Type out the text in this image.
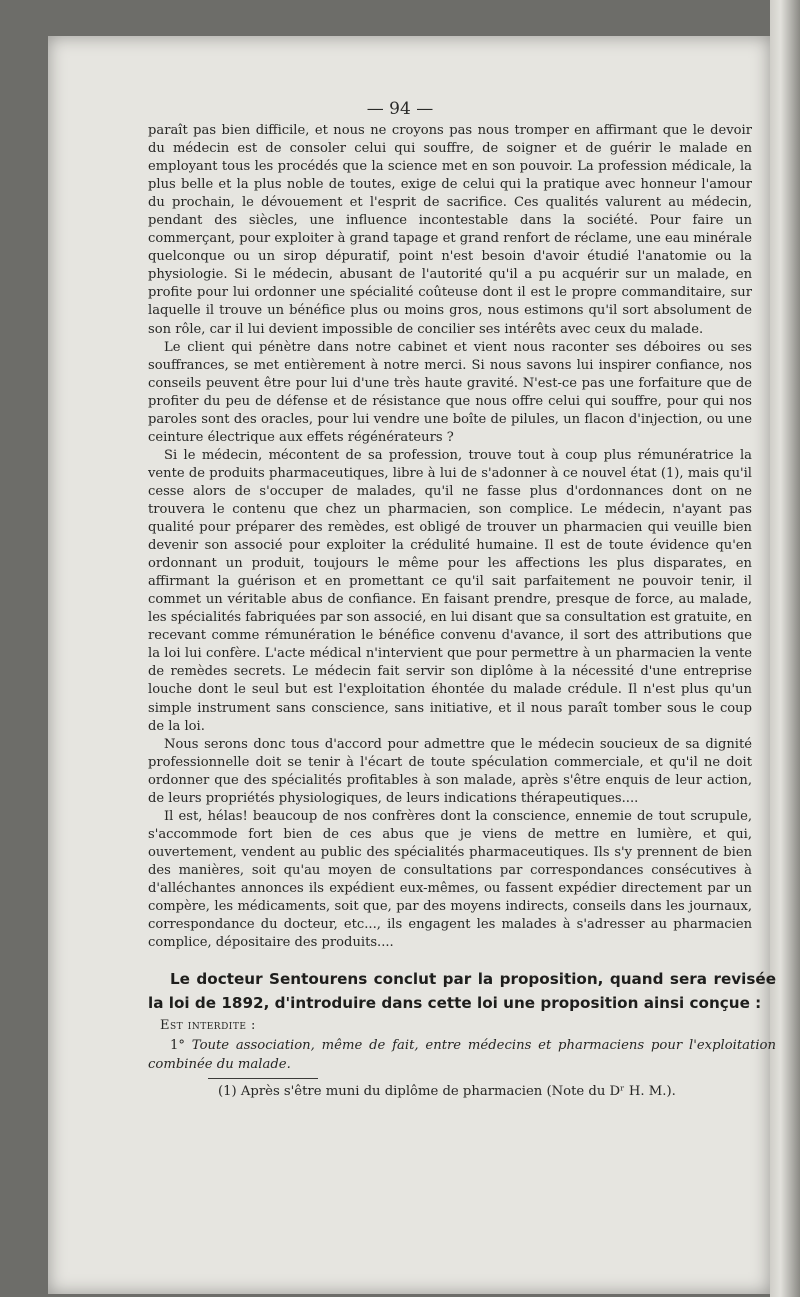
— 94 —

paraît pas bien difficile, et nous ne croyons pas nous tromper en affirmant que le devoir du médecin est de consoler celui qui souffre, de soigner et de guérir le malade en employant tous les procédés que la science met en son pouvoir. La profession médicale, la plus belle et la plus noble de toutes, exige de celui qui la pratique avec honneur l'amour du prochain, le dévouement et l'esprit de sacrifice. Ces qualités valurent au médecin, pendant des siècles, une influence incontestable dans la société. Pour faire un commerçant, pour exploiter à grand tapage et grand renfort de réclame, une eau minérale quelconque ou un sirop dépuratif, point n'est besoin d'avoir étudié l'anatomie ou la physiologie. Si le médecin, abusant de l'autorité qu'il a pu acquérir sur un malade, en profite pour lui ordonner une spécialité coûteuse dont il est le propre commanditaire, sur laquelle il trouve un bénéfice plus ou moins gros, nous estimons qu'il sort absolument de son rôle, car il lui devient impossible de concilier ses intérêts avec ceux du malade.

Le client qui pénètre dans notre cabinet et vient nous raconter ses déboires ou ses souffrances, se met entièrement à notre merci. Si nous savons lui inspirer confiance, nos conseils peuvent être pour lui d'une très haute gravité. N'est-ce pas une forfaiture que de profiter du peu de défense et de résistance que nous offre celui qui souffre, pour qui nos paroles sont des oracles, pour lui vendre une boîte de pilules, un flacon d'injection, ou une ceinture électrique aux effets régénérateurs ?

Si le médecin, mécontent de sa profession, trouve tout à coup plus rémunératrice la vente de produits pharmaceutiques, libre à lui de s'adonner à ce nouvel état (1), mais qu'il cesse alors de s'occuper de malades, qu'il ne fasse plus d'ordonnances dont on ne trouvera le contenu que chez un pharmacien, son complice. Le médecin, n'ayant pas qualité pour préparer des remèdes, est obligé de trouver un pharmacien qui veuille bien devenir son associé pour exploiter la crédulité humaine. Il est de toute évidence qu'en ordonnant un produit, toujours le même pour les affections les plus disparates, en affirmant la guérison et en promettant ce qu'il sait parfaitement ne pouvoir tenir, il commet un véritable abus de confiance. En faisant prendre, presque de force, au malade, les spécialités fabriquées par son associé, en lui disant que sa consultation est gratuite, en recevant comme rémunération le bénéfice convenu d'avance, il sort des attributions que la loi lui confère. L'acte médical n'intervient que pour permettre à un pharmacien la vente de remèdes secrets. Le médecin fait servir son diplôme à la nécessité d'une entreprise louche dont le seul but est l'exploitation éhontée du malade crédule. Il n'est plus qu'un simple instrument sans conscience, sans initiative, et il nous paraît tomber sous le coup de la loi.

Nous serons donc tous d'accord pour admettre que le médecin soucieux de sa dignité professionnelle doit se tenir à l'écart de toute spéculation commerciale, et qu'il ne doit ordonner que des spécialités profitables à son malade, après s'être enquis de leur action, de leurs propriétés physiologiques, de leurs indications thérapeutiques....

Il est, hélas! beaucoup de nos confrères dont la conscience, ennemie de tout scrupule, s'accommode fort bien de ces abus que je viens de mettre en lumière, et qui, ouvertement, vendent au public des spécialités pharmaceutiques. Ils s'y prennent de bien des manières, soit qu'au moyen de consultations par correspondances consécutives à d'alléchantes annonces ils expédient eux-mêmes, ou fassent expédier directement par un compère, les médicaments, soit que, par des moyens indirects, conseils dans les journaux, correspondance du docteur, etc..., ils engagent les malades à s'adresser au pharmacien complice, dépositaire des produits....

Le docteur Sentourens conclut par la proposition, quand sera revisée la loi de 1892, d'introduire dans cette loi une proposition ainsi conçue :
Est interdite :
1° Toute association, même de fait, entre médecins et pharmaciens pour l'exploitation combinée du malade.
(1) Après s'être muni du diplôme de pharmacien (Note du Dʳ H. M.).
